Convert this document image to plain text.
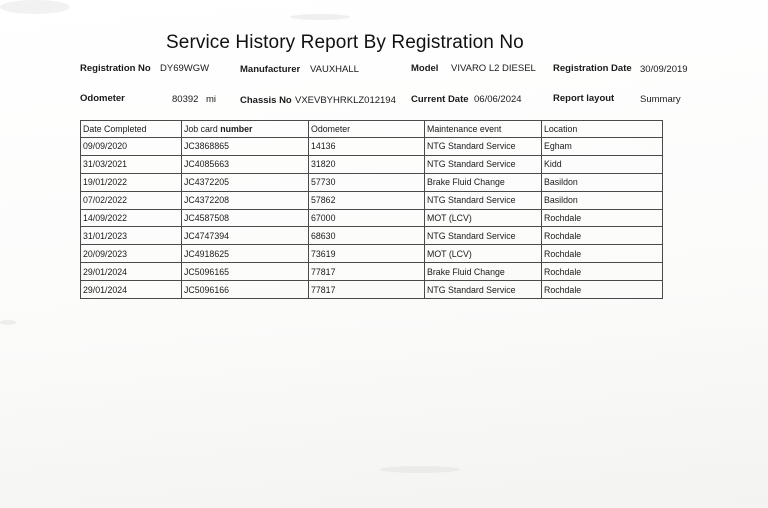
Service History Report By Registration No
Registration No DY69WGW	Manufacturer VAUXHALL	Model VIVARO L2 DIESEL Registration Date 30/09/2019
Odometer	80392 mi	Chassis No VXEVBYHRKLZ012194 Current Date 06/06/2024	Report layout	Summary
Date Completed	Job card number	Odometer	Maintenance event	Location
09/09/2020	JC3868865	14136	NTG Standard Service	Egham
31/03/2021	JC4085663	31820	NTG Standard Service	Kidd
19/01/2022	JC4372205	57730	Brake Fluid Change	Basildon
07/02/2022	JC4372208	57862	NTG Standard Service	Basildon
14/09/2022	JC4587508	67000	MOT (LCV)	Rochdale
31/01/2023	JC4747394	68630	NTG Standard Service	Rochdale
20/09/2023	JC4918625	73619	MOT (LCV)	Rochdale
29/01/2024	JC5096165	77817	Brake Fluid Change	Rochdale
29/01/2024	JC5096166	77817	NTG Standard Service	Rochdale
